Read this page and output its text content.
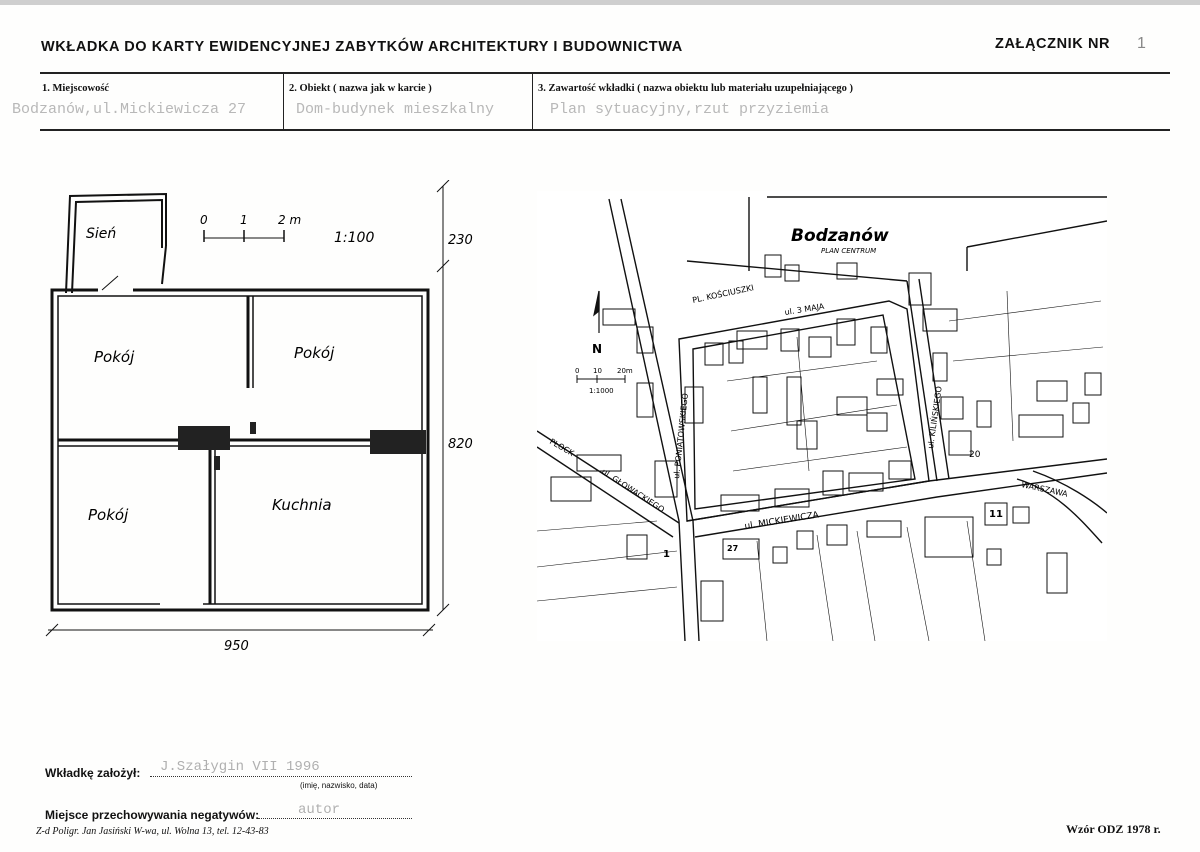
WKŁADKA DO KARTY EWIDENCYJNEJ ZABYTKÓW ARCHITEKTURY I BUDOWNICTWA	ZAŁĄCZNIK NR 1
1. Miejscowość	2. Obiekt ( nazwa jak w karcie )	3. Zawartość wkładki ( nazwa obiektu lub materiału uzupełniającego )
Bodzanów,ul.Mickiewicza 27	Dom-budynek mieszkalny	Plan sytuacyjny,rzut przyziemia
Sień
Pokój	Pokój
Pokój
Kuchnia
1:100
0	1	2 m
230
820
950
N
0 10 20m
1:1000
Bodzanów
PLAN CENTRUM
PL. KOŚCIUSZKI
ul. 3 MAJA
ul. PONIATOWSKIEGO	ul. KILIŃSKIEGO
ul. GŁOWACKIEGO
ul. MICKIEWICZA
WARSZAWA
PŁOCK	20
11
27
1
Wkładkę założył: J.Szałygin VII 1996
(imię, nazwisko, data)
Miejsce przechowywania negatywów:	autor
Z-d Poligr. Jan Jasiński W-wa, ul. Wolna 13, tel. 12-43-83	Wzór ODZ 1978 r.
